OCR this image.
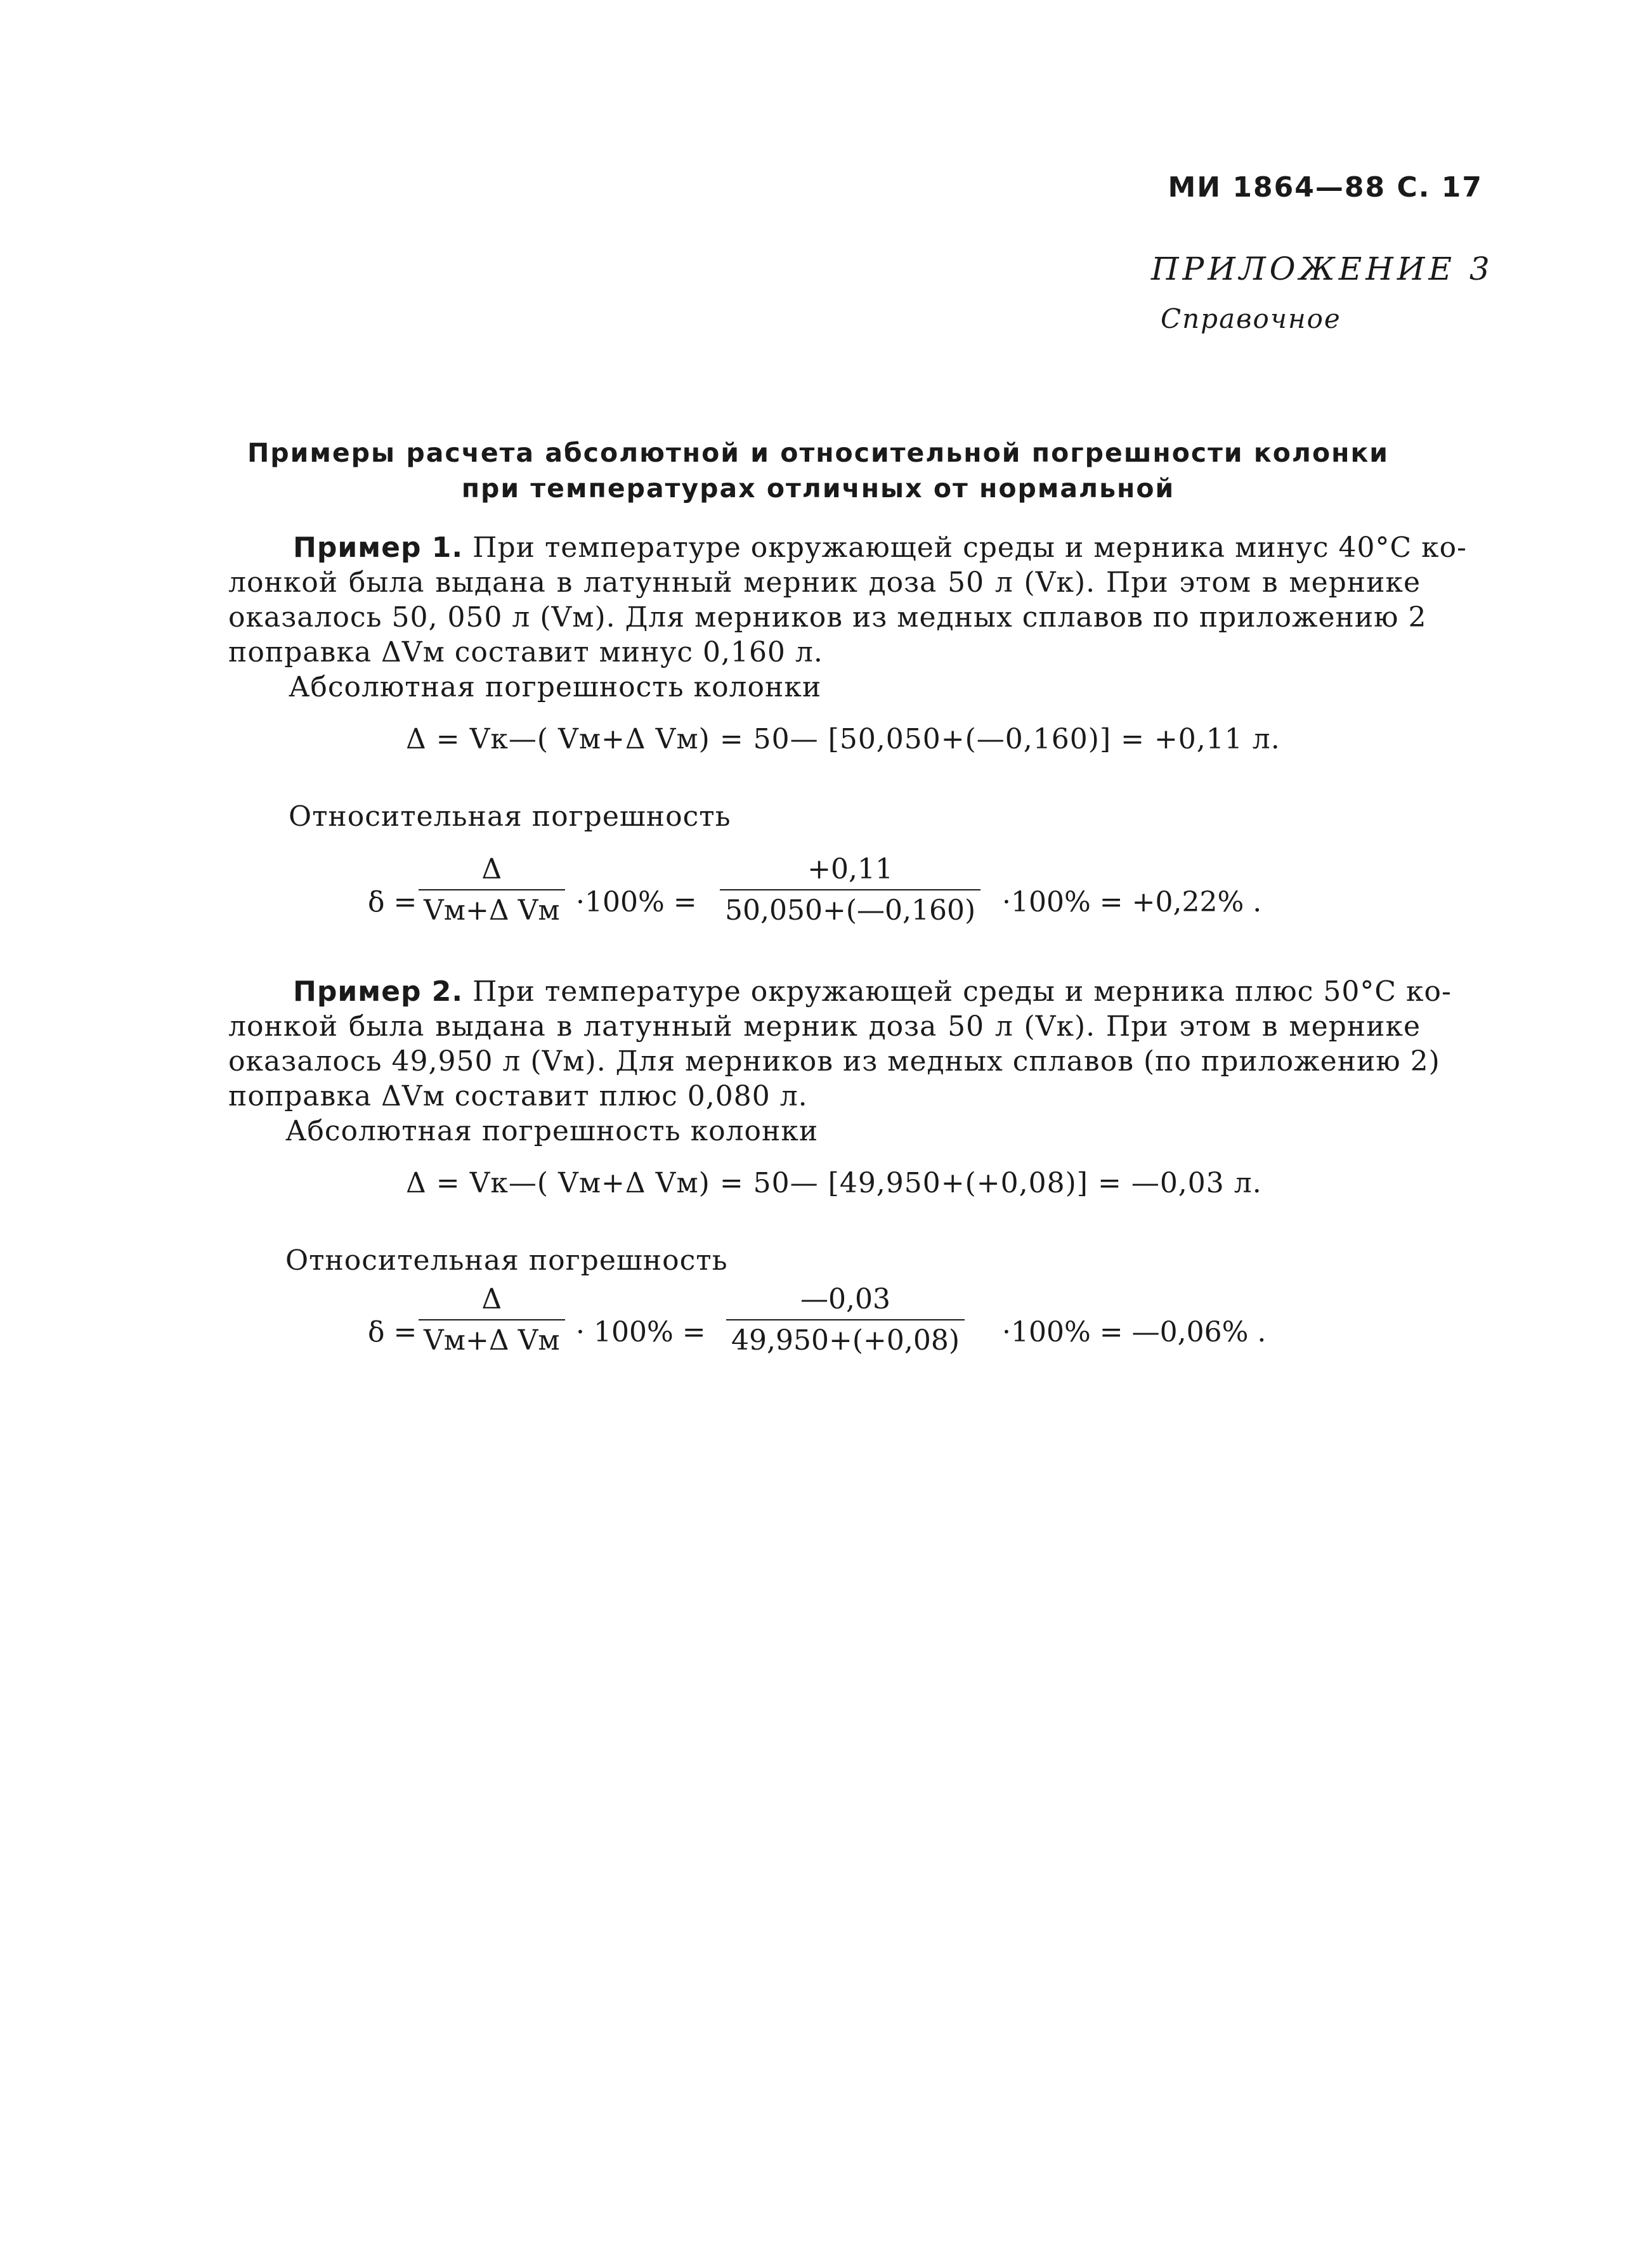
МИ 1864—88 С. 17
ПРИЛОЖЕНИЕ 3
Справочное
Примеры расчета абсолютной и относительной погрешности колонки
при температурах отличных от нормальной
Пример 1. При температуре окружающей среды и мерника минус 40°С ко-
лонкой была выдана в латунный мерник доза 50 л (Vк). При этом в мернике
оказалось 50, 050 л (Vм). Для мерников из медных сплавов по приложению 2
поправка ΔVм составит минус 0,160 л.
Абсолютная погрешность колонки
Δ = Vк—( Vм+Δ Vм) = 50— [50,050+(—0,160)] = +0,11 л.
Относительная погрешность
δ =
Δ
Vм+Δ Vм ·100% =
+0,11
50,050+(—0,160) ·100% = +0,22% .
Пример 2. При температуре окружающей среды и мерника плюс 50°С ко-
лонкой была выдана в латунный мерник доза 50 л (Vк). При этом в мернике
оказалось 49,950 л (Vм). Для мерников из медных сплавов (по приложению 2)
поправка ΔVм составит плюс 0,080 л.
Абсолютная погрешность колонки
Δ = Vк—( Vм+Δ Vм) = 50— [49,950+(+0,08)] = —0,03 л.
Относительная погрешность
δ =
Δ
Vм+Δ Vм · 100% =
—0,03
49,950+(+0,08) ·100% = —0,06% .
